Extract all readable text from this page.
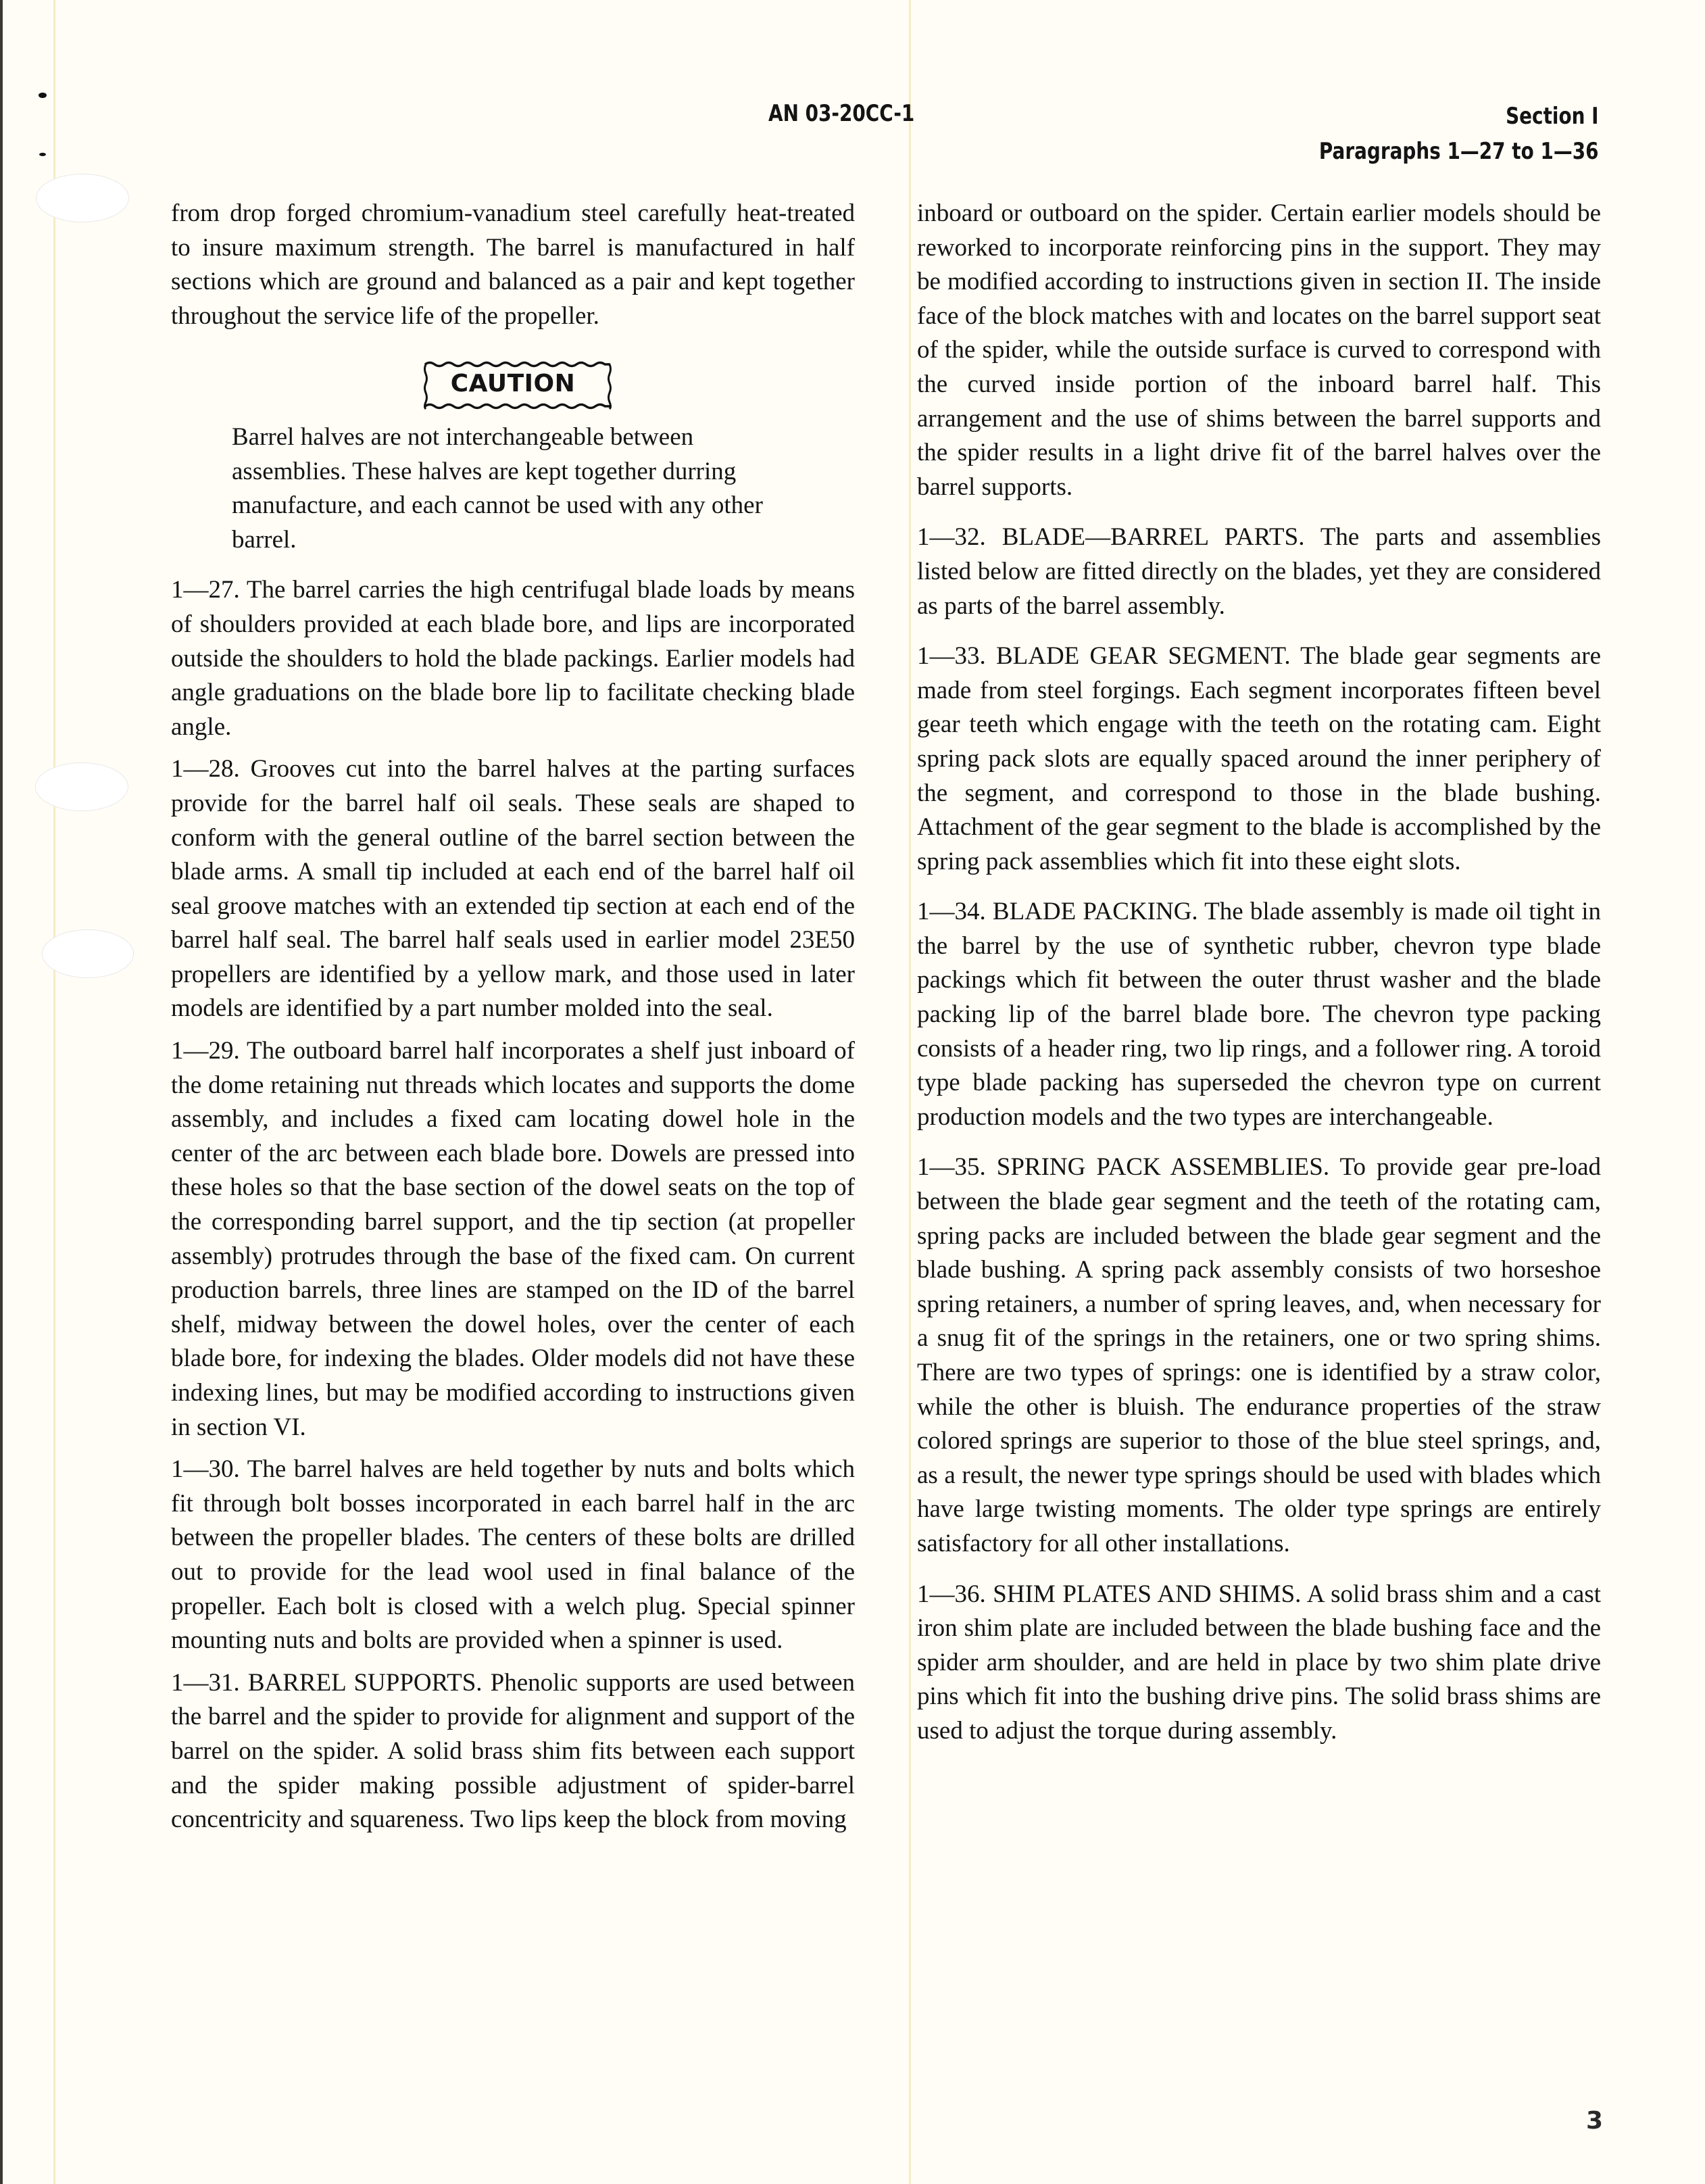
AN 03-20CC-1	Section I
Paragraphs 1—27 to 1—36

from drop forged chromium-vanadium steel carefully heat-treated to insure maximum strength. The barrel is manufactured in half sections which are ground and balanced as a pair and kept together throughout the service life of the propeller.

CAUTION

Barrel halves are not interchangeable between assemblies. These halves are kept together durring manufacture, and each cannot be used with any other barrel.

1—27. The barrel carries the high centrifugal blade loads by means of shoulders provided at each blade bore, and lips are incorporated outside the shoulders to hold the blade packings. Earlier models had angle graduations on the blade bore lip to facilitate checking blade angle.

1—28. Grooves cut into the barrel halves at the parting surfaces provide for the barrel half oil seals. These seals are shaped to conform with the general outline of the barrel section between the blade arms. A small tip included at each end of the barrel half oil seal groove matches with an extended tip section at each end of the barrel half seal. The barrel half seals used in earlier model 23E50 propellers are identified by a yellow mark, and those used in later models are identified by a part number molded into the seal.

1—29. The outboard barrel half incorporates a shelf just inboard of the dome retaining nut threads which locates and supports the dome assembly, and includes a fixed cam locating dowel hole in the center of the arc between each blade bore. Dowels are pressed into these holes so that the base section of the dowel seats on the top of the corresponding barrel support, and the tip section (at propeller assembly) protrudes through the base of the fixed cam. On current production barrels, three lines are stamped on the ID of the barrel shelf, midway between the dowel holes, over the center of each blade bore, for indexing the blades. Older models did not have these indexing lines, but may be modified according to instructions given in section VI.

1—30. The barrel halves are held together by nuts and bolts which fit through bolt bosses incorporated in each barrel half in the arc between the propeller blades. The centers of these bolts are drilled out to provide for the lead wool used in final balance of the propeller. Each bolt is closed with a welch plug. Special spinner mounting nuts and bolts are provided when a spinner is used.

1—31. BARREL SUPPORTS. Phenolic supports are used between the barrel and the spider to provide for alignment and support of the barrel on the spider. A solid brass shim fits between each support and the spider making possible adjustment of spider-barrel concentricity and squareness. Two lips keep the block from moving

inboard or outboard on the spider. Certain earlier models should be reworked to incorporate reinforcing pins in the support. They may be modified according to instructions given in section II. The inside face of the block matches with and locates on the barrel support seat of the spider, while the outside surface is curved to correspond with the curved inside portion of the inboard barrel half. This arrangement and the use of shims between the barrel supports and the spider results in a light drive fit of the barrel halves over the barrel supports.

1—32. BLADE—BARREL PARTS. The parts and assemblies listed below are fitted directly on the blades, yet they are considered as parts of the barrel assembly.

1—33. BLADE GEAR SEGMENT. The blade gear segments are made from steel forgings. Each segment incorporates fifteen bevel gear teeth which engage with the teeth on the rotating cam. Eight spring pack slots are equally spaced around the inner periphery of the segment, and correspond to those in the blade bushing. Attachment of the gear segment to the blade is accomplished by the spring pack assemblies which fit into these eight slots.

1—34. BLADE PACKING. The blade assembly is made oil tight in the barrel by the use of synthetic rubber, chevron type blade packings which fit between the outer thrust washer and the blade packing lip of the barrel blade bore. The chevron type packing consists of a header ring, two lip rings, and a follower ring. A toroid type blade packing has superseded the chevron type on current production models and the two types are interchangeable.

1—35. SPRING PACK ASSEMBLIES. To provide gear pre-load between the blade gear segment and the teeth of the rotating cam, spring packs are included between the blade gear segment and the blade bushing. A spring pack assembly consists of two horseshoe spring retainers, a number of spring leaves, and, when necessary for a snug fit of the springs in the retainers, one or two spring shims. There are two types of springs: one is identified by a straw color, while the other is bluish. The endurance properties of the straw colored springs are superior to those of the blue steel springs, and, as a result, the newer type springs should be used with blades which have large twisting moments. The older type springs are entirely satisfactory for all other installations.

1—36. SHIM PLATES AND SHIMS. A solid brass shim and a cast iron shim plate are included between the blade bushing face and the spider arm shoulder, and are held in place by two shim plate drive pins which fit into the bushing drive pins. The solid brass shims are used to adjust the torque during assembly.

3
